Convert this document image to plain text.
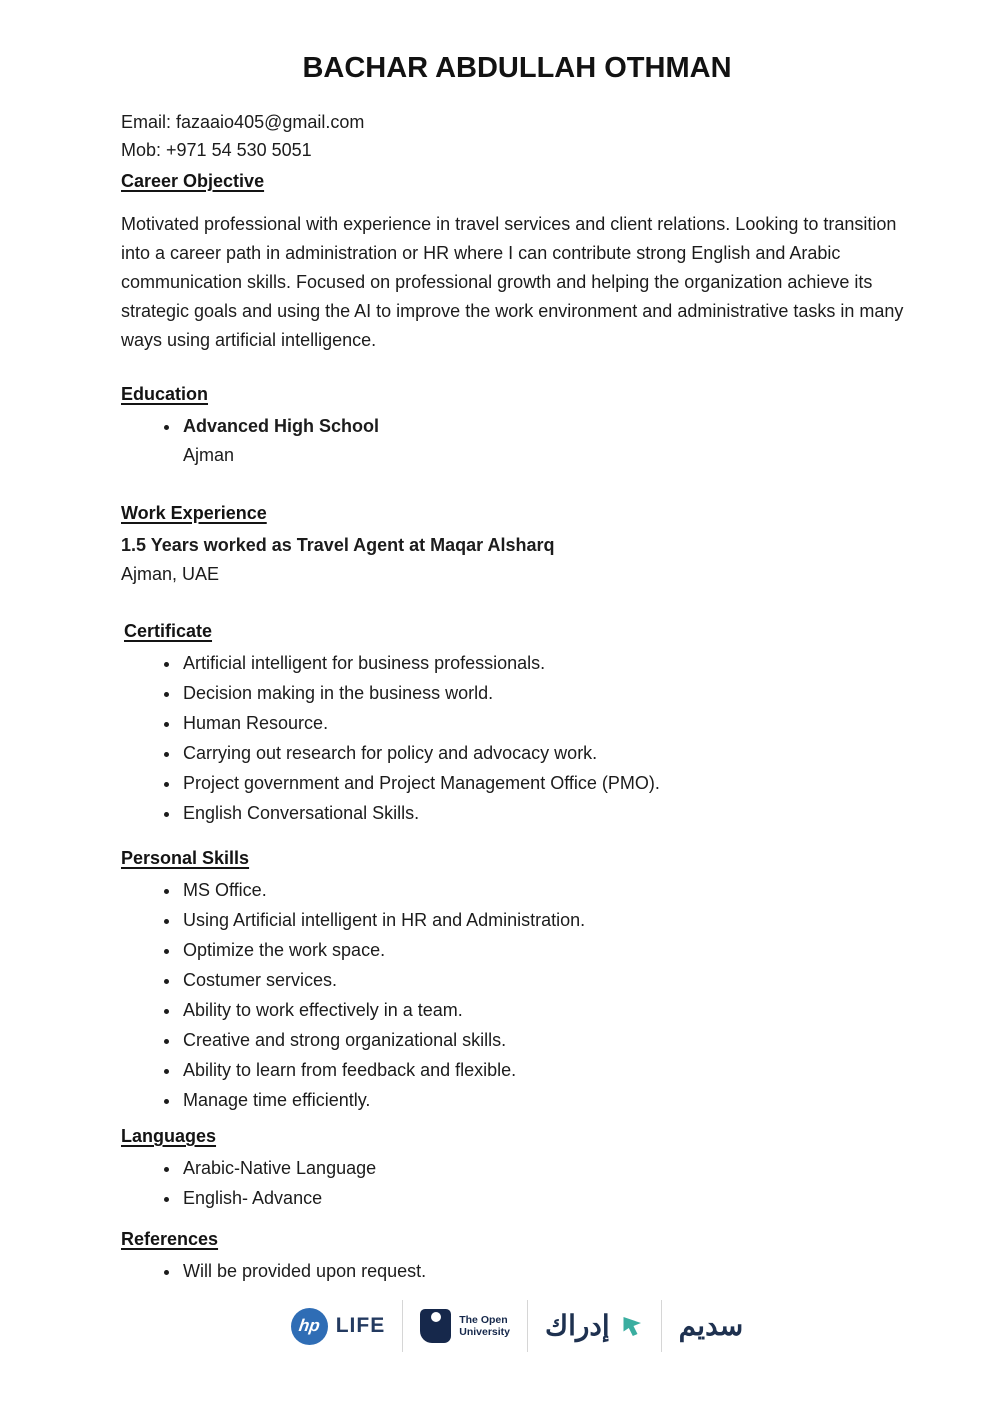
BACHAR ABDULLAH OTHMAN
Email: fazaaio405@gmail.com
Mob: +971 54 530 5051
Career Objective

Motivated professional with experience in travel services and client relations. Looking to transition into a career path in administration or HR where I can contribute strong English and Arabic communication skills. Focused on professional growth and helping the organization achieve its strategic goals and using the AI to improve the work environment and administrative tasks in many ways using artificial intelligence.

Education
• Advanced High School
Ajman
Work Experience
1.5 Years worked as Travel Agent at Maqar Alsharq
Ajman, UAE
Certificate
• Artificial intelligent for business professionals.
• Decision making in the business world.
• Human Resource.
• Carrying out research for policy and advocacy work.
• Project government and Project Management Office (PMO).
• English Conversational Skills.
Personal Skills
• MS Office.
• Using Artificial intelligent in HR and Administration.
• Optimize the work space.
• Costumer services.
• Ability to work effectively in a team.
• Creative and strong organizational skills.
• Ability to learn from feedback and flexible.
• Manage time efficiently.
Languages
• Arabic-Native Language
• English- Advance
References
• Will be provided upon request.
hp LIFE	The Open
University إدراك سديم
